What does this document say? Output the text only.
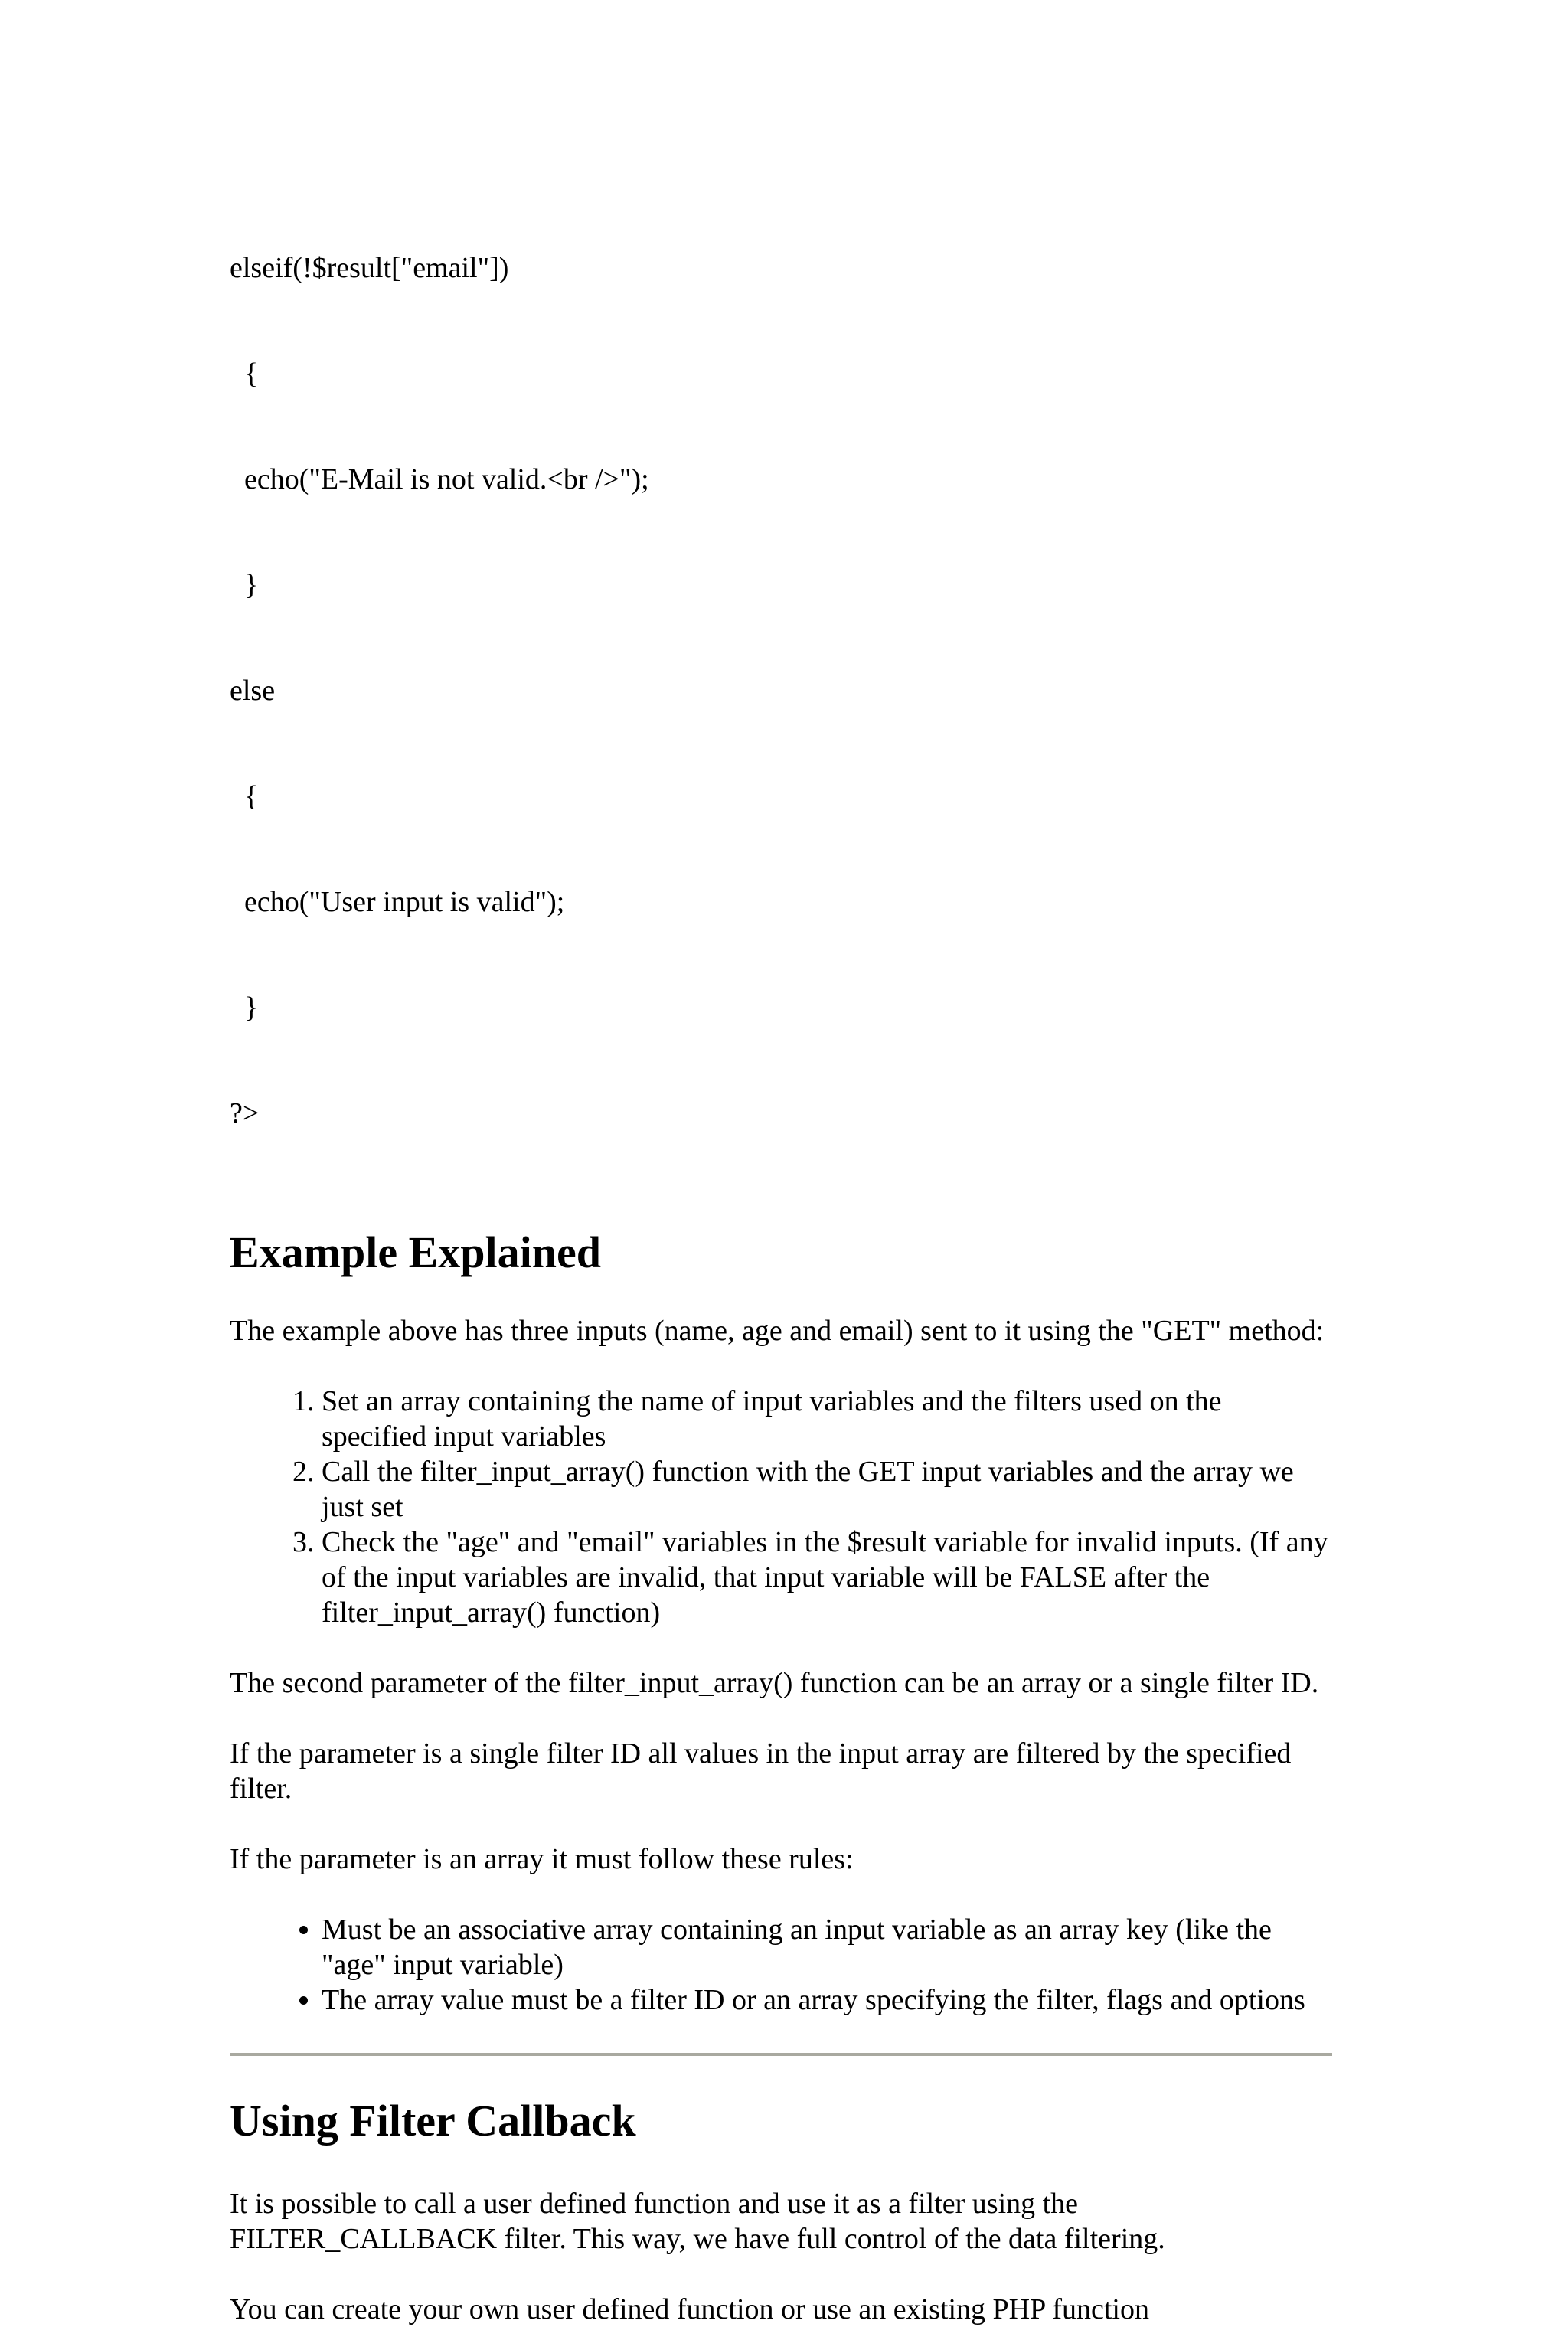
elseif(!$result["email"])

{

echo("E-Mail is not valid.<br />");

}

else

{

echo("User input is valid");

}

?>

Example Explained

The example above has three inputs (name, age and email) sent to it using the "GET" method:

1. Set an array containing the name of input variables and the filters used on the specified input variables
2. Call the filter_input_array() function with the GET input variables and the array we just set
3. Check the "age" and "email" variables in the $result variable for invalid inputs. (If any of the input variables are invalid, that input variable will be FALSE after the filter_input_array() function)

The second parameter of the filter_input_array() function can be an array or a single filter ID.

If the parameter is a single filter ID all values in the input array are filtered by the specified filter.

If the parameter is an array it must follow these rules:

• Must be an associative array containing an input variable as an array key (like the "age" input variable)
• The array value must be a filter ID or an array specifying the filter, flags and options
Using Filter Callback

It is possible to call a user defined function and use it as a filter using the FILTER_CALLBACK filter. This way, we have full control of the data filtering.

You can create your own user defined function or use an existing PHP function
